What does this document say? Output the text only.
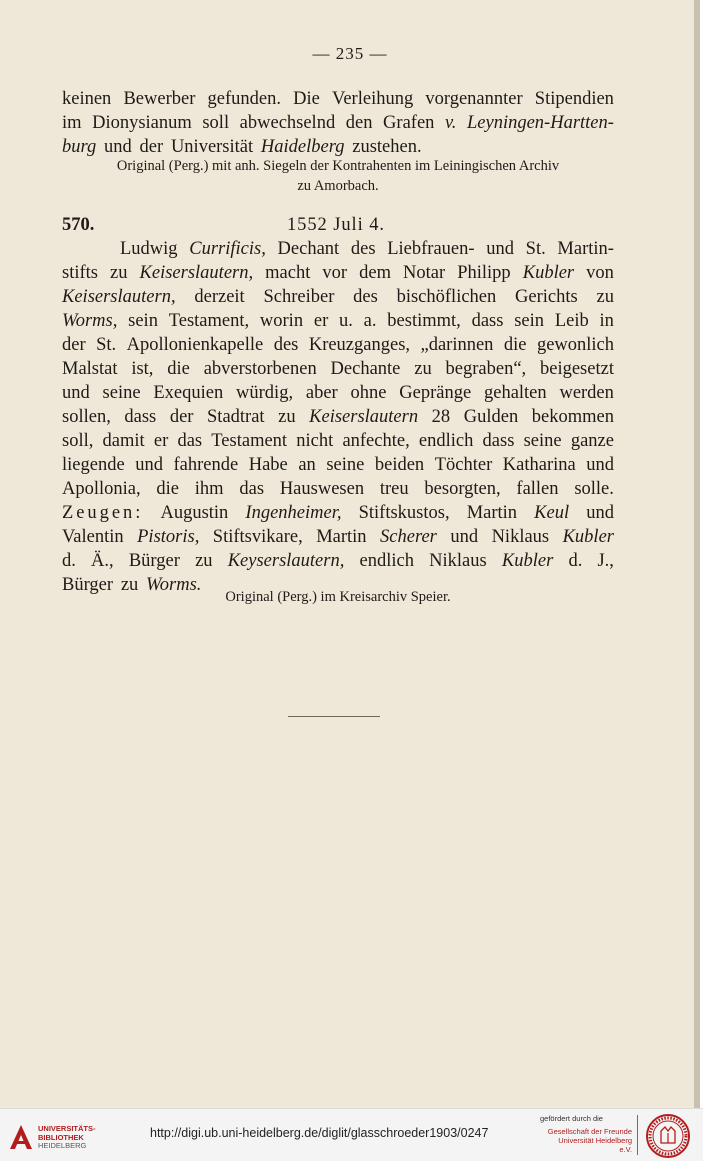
— 235 —
keinen Bewerber gefunden. Die Verleihung vorgenannter Stipendien
im Dionysianum soll abwechselnd den Grafen v. Leyningen-Hartten-
burg und der Universität Haidelberg zustehen.
Original (Perg.) mit anh. Siegeln der Kontrahenten im Leiningischen Archiv
zu Amorbach.
570.	1552 Juli 4.
Ludwig Currificis, Dechant des Liebfrauen- und St. Martin-
stifts zu Keiserslautern, macht vor dem Notar Philipp Kubler von
Keiserslautern, derzeit Schreiber des bischöflichen Gerichts zu
Worms, sein Testament, worin er u. a. bestimmt, dass sein Leib in
der St. Apollonienkapelle des Kreuzganges, „darinnen die gewonlich
Malstat ist, die abverstorbenen Dechante zu begraben“, beigesetzt
und seine Exequien würdig, aber ohne Gepränge gehalten werden
sollen, dass der Stadtrat zu Keiserslautern 28 Gulden bekommen
soll, damit er das Testament nicht anfechte, endlich dass seine ganze
liegende und fahrende Habe an seine beiden Töchter Katharina und
Apollonia, die ihm das Hauswesen treu besorgten, fallen solle.
Zeugen: Augustin Ingenheimer, Stiftskustos, Martin Keul und
Valentin Pistoris, Stiftsvikare, Martin Scherer und Niklaus Kubler
d. Ä., Bürger zu Keyserslautern, endlich Niklaus Kubler d. J.,
Bürger zu Worms.
Original (Perg.) im Kreisarchiv Speier.
UNIVERSITÄTS-
BIBLIOTHEK
HEIDELBERG
http://digi.ub.uni-heidelberg.de/diglit/glasschroeder1903/0247
gefördert durch die
Gesellschaft der Freunde
Universität Heidelberg e.V.
